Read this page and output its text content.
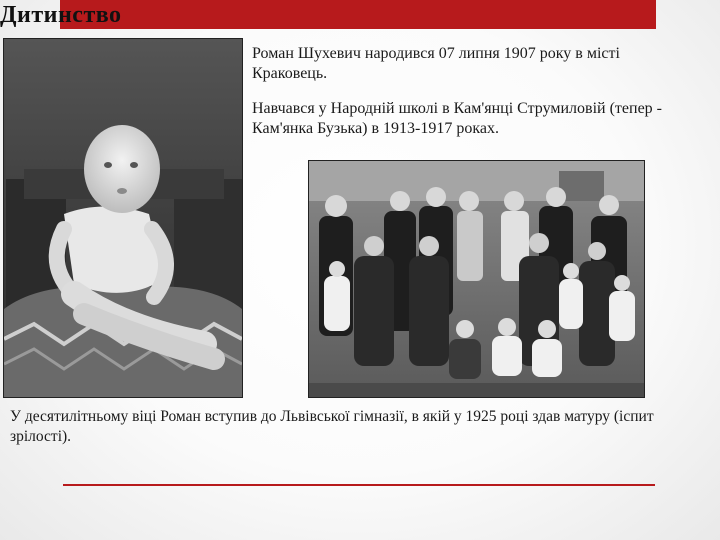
Дитинство

Роман Шухевич народився 07 липня 1907 року в місті Краковець.

Навчався у Народній школі в Кам'янці Струмиловій (тепер - Кам'янка Бузька) в 1913-1917 роках.

У десятилітньому віці Роман вступив до Львівської гімназії, в якій у 1925 році здав матуру (іспит зрілості).
